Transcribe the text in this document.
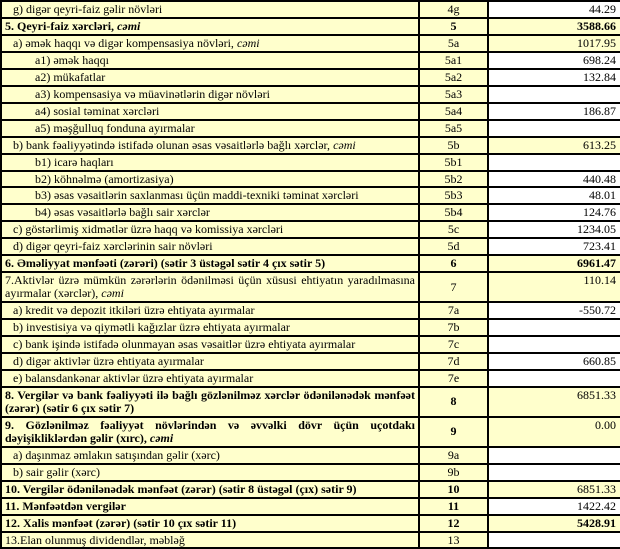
g) digər qeyri-faiz gəlir növləri	4g	44.29
5. Qeyri-faiz xərcləri, cəmi	5	3588.66
a) əmək haqqı və digər kompensasiya növləri, cəmi	5a	1017.95
a1) əmək haqqı	5a1	698.24
a2) mükafatlar	5a2	132.84
a3) kompensasiya və müavinətlərin digər növləri	5a3	
a4) sosial təminat xərcləri	5a4	186.87
a5) məşğulluq fonduna ayırmalar	5a5	
b) bank fəaliyyətində istifadə olunan əsas vəsaitlərlə bağlı xərclər, cəmi	5b	613.25
b1) icarə haqları	5b1	
b2) köhnəlmə (amortizasiya)	5b2	440.48
b3) əsas vəsaitlərin saxlanması üçün maddi-texniki təminat xərcləri	5b3	48.01
b4) əsas vəsaitlərlə bağlı sair xərclər	5b4	124.76
c) göstərlimiş xidmətlər üzrə haqq və komissiya xərcləri	5c	1234.05
d) digər qeyri-faiz xərclərinin sair növləri	5d	723.41
6. Əməliyyat mənfəəti (zərəri) (sətir 3 üstəgəl sətir 4 çıx sətir 5)	6	6961.47
7.Aktivlər üzrə mümkün zərərlərin ödənilməsi üçün xüsusi ehtiyatın yaradılmasına ayırmalar (xərclər), cəmi	7	110.14
a) kredit və depozit itkiləri üzrə ehtiyata ayırmalar	7a	-550.72
b) investisiya və qiymətli kağızlar üzrə ehtiyata ayırmalar	7b	
c) bank işində istifadə olunmayan əsas vəsaitlər üzrə ehtiyata ayırmalar	7c	
d) digər aktivlər üzrə ehtiyata ayırmalar	7d	660.85
e) balansdankənar aktivlər üzrə ehtiyata ayırmalar	7e	
8. Vergilər və bank fəaliyyəti ilə bağlı gözlənilməz xərclər ödənilənədək mənfəət (zərər) (sətir 6 çıx sətir 7)	8	6851.33
9. Gözlənilməz fəaliyyət növlərindən və əvvəlki dövr üçün uçotdakı dəyişikliklərdən gəlir (xırc), cəmi	9	0.00
a) daşınmaz əmlakın satışından gəlir (xərc)	9a	
b) sair gəlir (xərc)	9b	
10. Vergilər ödənilənədək mənfəət (zərər) (sətir 8 üstəgəl (çıx) sətir 9)	10	6851.33
11. Mənfəətdən vergilər	11	1422.42
12. Xalis mənfəət (zərər) (sətir 10 çıx sətir 11)	12	5428.91
13.Elan olunmuş dividendlər, məbləğ	13	
